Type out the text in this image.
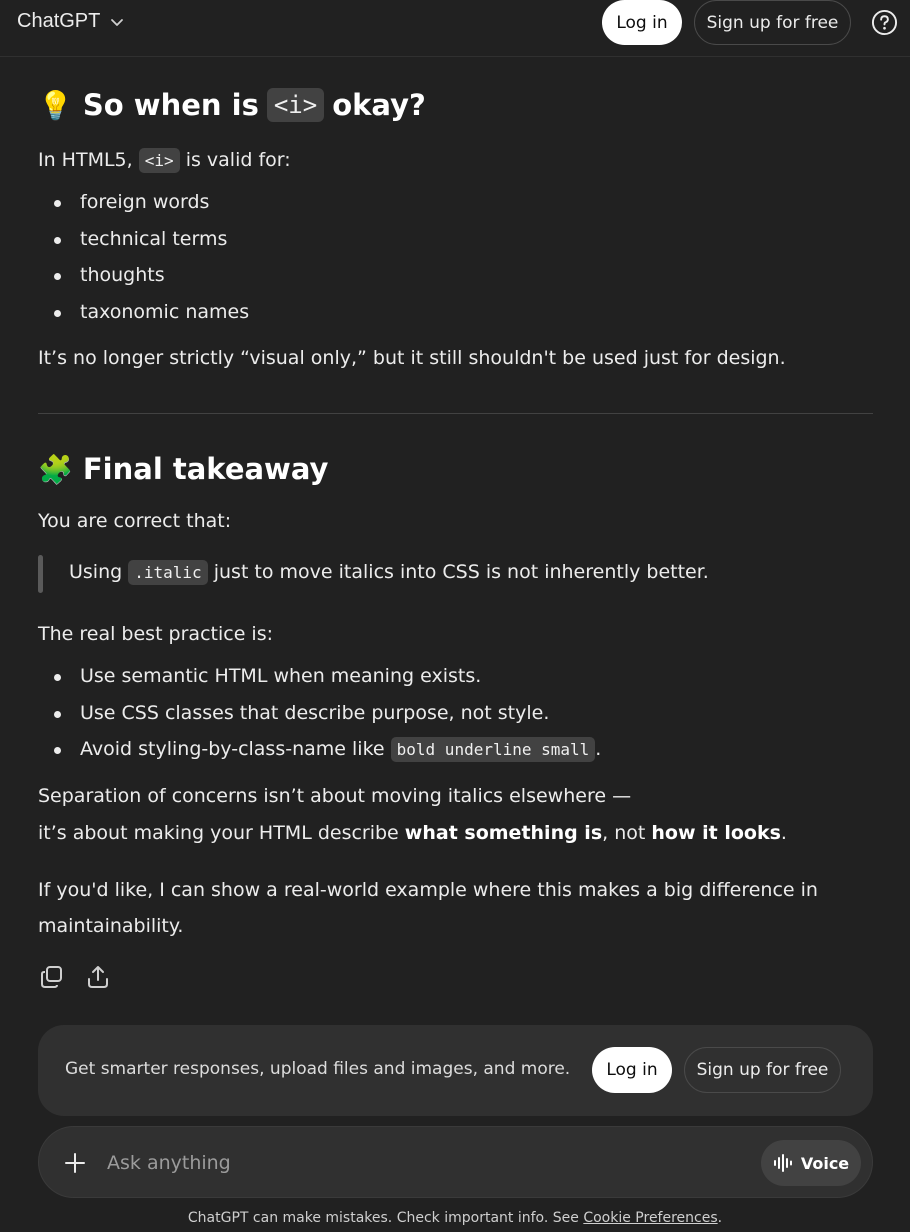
ChatGPT	Log in	Sign up for free
💡 So when is <i> okay?
In HTML5, <i> is valid for:
foreign words
technical terms
thoughts
taxonomic names
It’s no longer strictly “visual only,” but it still shouldn't be used just for design.
🧩 Final takeaway
You are correct that:
Using .italic just to move italics into CSS is not inherently better.
The real best practice is:
Use semantic HTML when meaning exists.
Use CSS classes that describe purpose, not style.
Avoid styling-by-class-name like bold underline small .
Separation of concerns isn’t about moving italics elsewhere —
it’s about making your HTML describe what something is, not how it looks.
If you'd like, I can show a real-world example where this makes a big difference in
maintainability.
Get smarter responses, upload files and images, and more.	Log in	Sign up for free
Ask anything
Voice
ChatGPT can make mistakes. Check important info. See Cookie Preferences.
